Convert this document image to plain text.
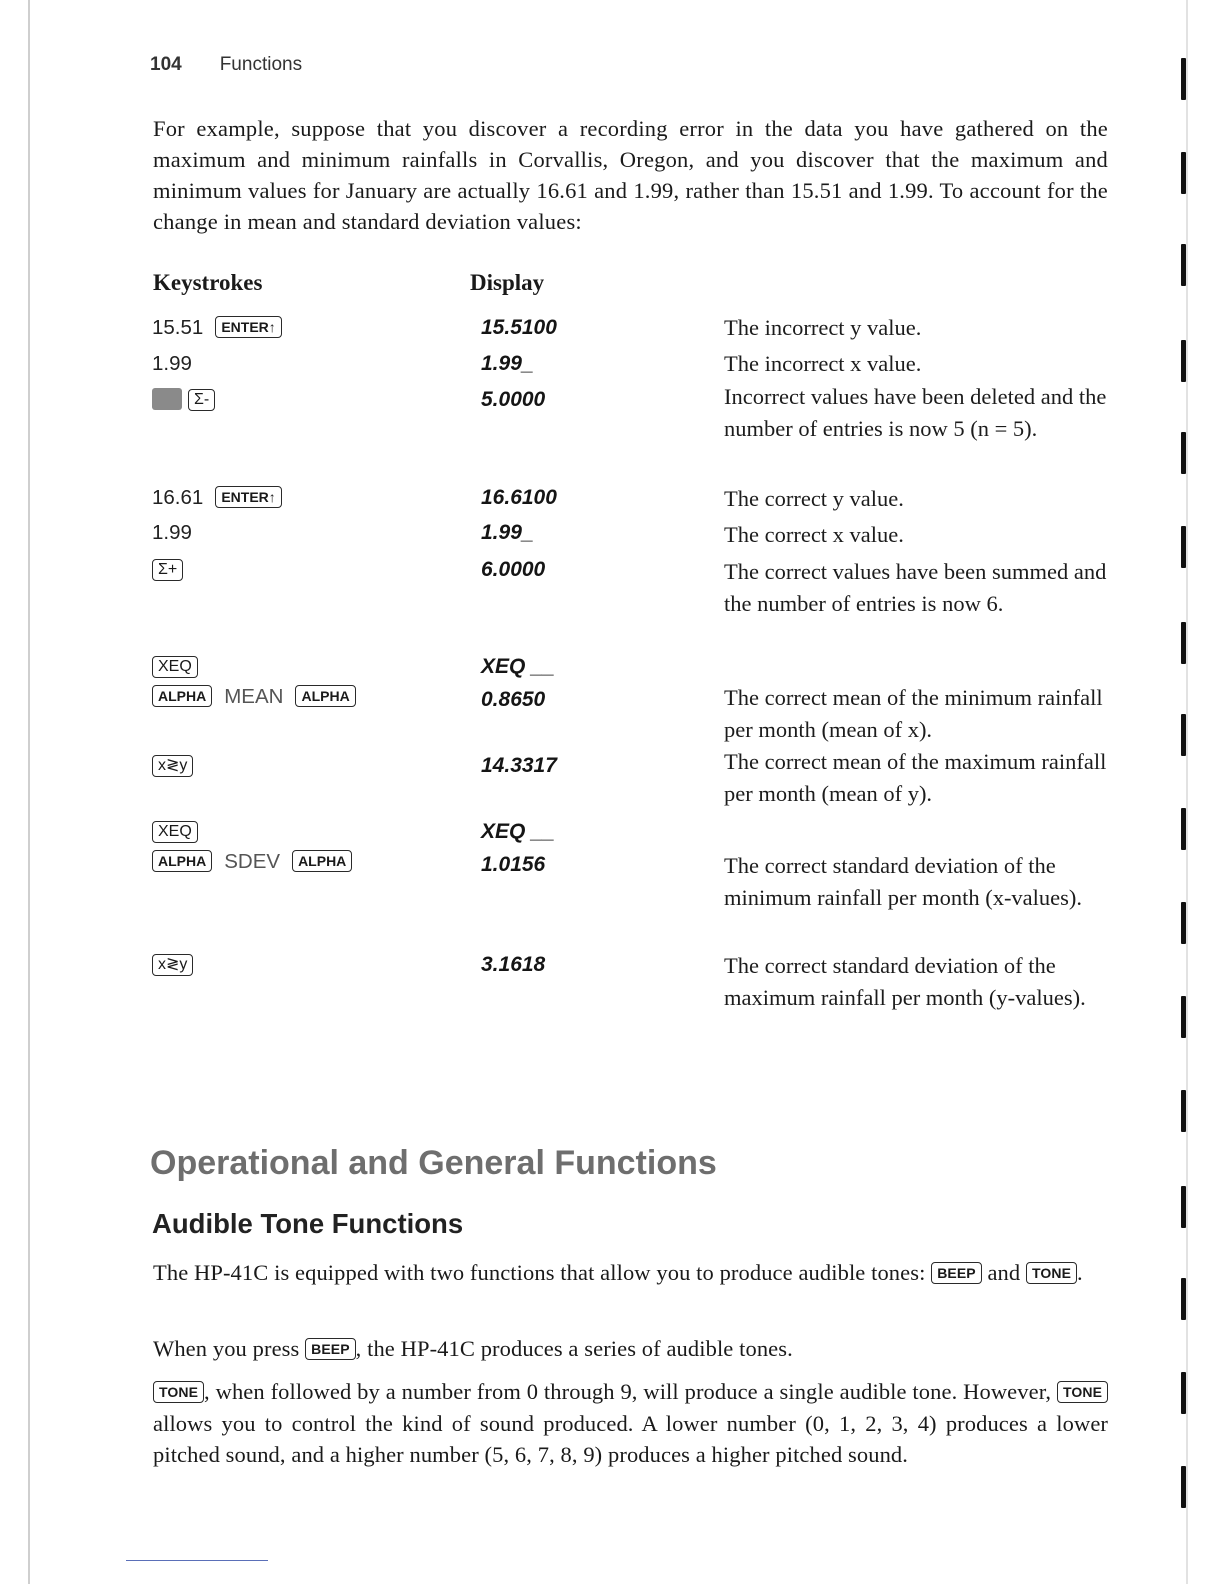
104 Functions
For example, suppose that you discover a recording error in the data you have gathered on the maximum and minimum rainfalls in Corvallis, Oregon, and you discover that the maximum and minimum values for January are actually 16.61 and 1.99, rather than 15.51 and 1.99. To account for the change in mean and standard deviation values:
Keystrokes	Display
15.51 ENTER↑	15.5100	The incorrect y value.
1.99	1.99_	The incorrect x value.
Σ-	5.0000	Incorrect values have been deleted and the number of entries is now 5 (n = 5).
16.61 ENTER↑	16.6100	The correct y value.
1.99	1.99_	The correct x value.
Σ+	6.0000	The correct values have been summed and the number of entries is now 6.
XEQ	XEQ __
ALPHA MEAN ALPHA	0.8650	The correct mean of the minimum rainfall per month (mean of x).
x≷y	14.3317	The correct mean of the maximum rainfall per month (mean of y).
XEQ	XEQ __
ALPHA SDEV ALPHA	1.0156	The correct standard deviation of the minimum rainfall per month (x-values).
x≷y	3.1618	The correct standard deviation of the maximum rainfall per month (y-values).
Operational and General Functions
Audible Tone Functions
The HP-41C is equipped with two functions that allow you to produce audible tones: BEEP and TONE .
When you press BEEP , the HP-41C produces a series of audible tones.
TONE , when followed by a number from 0 through 9, will produce a single audible tone. However, TONE allows you to control the kind of sound produced. A lower number (0, 1, 2, 3, 4) produces a lower pitched sound, and a higher number (5, 6, 7, 8, 9) produces a higher pitched sound.
